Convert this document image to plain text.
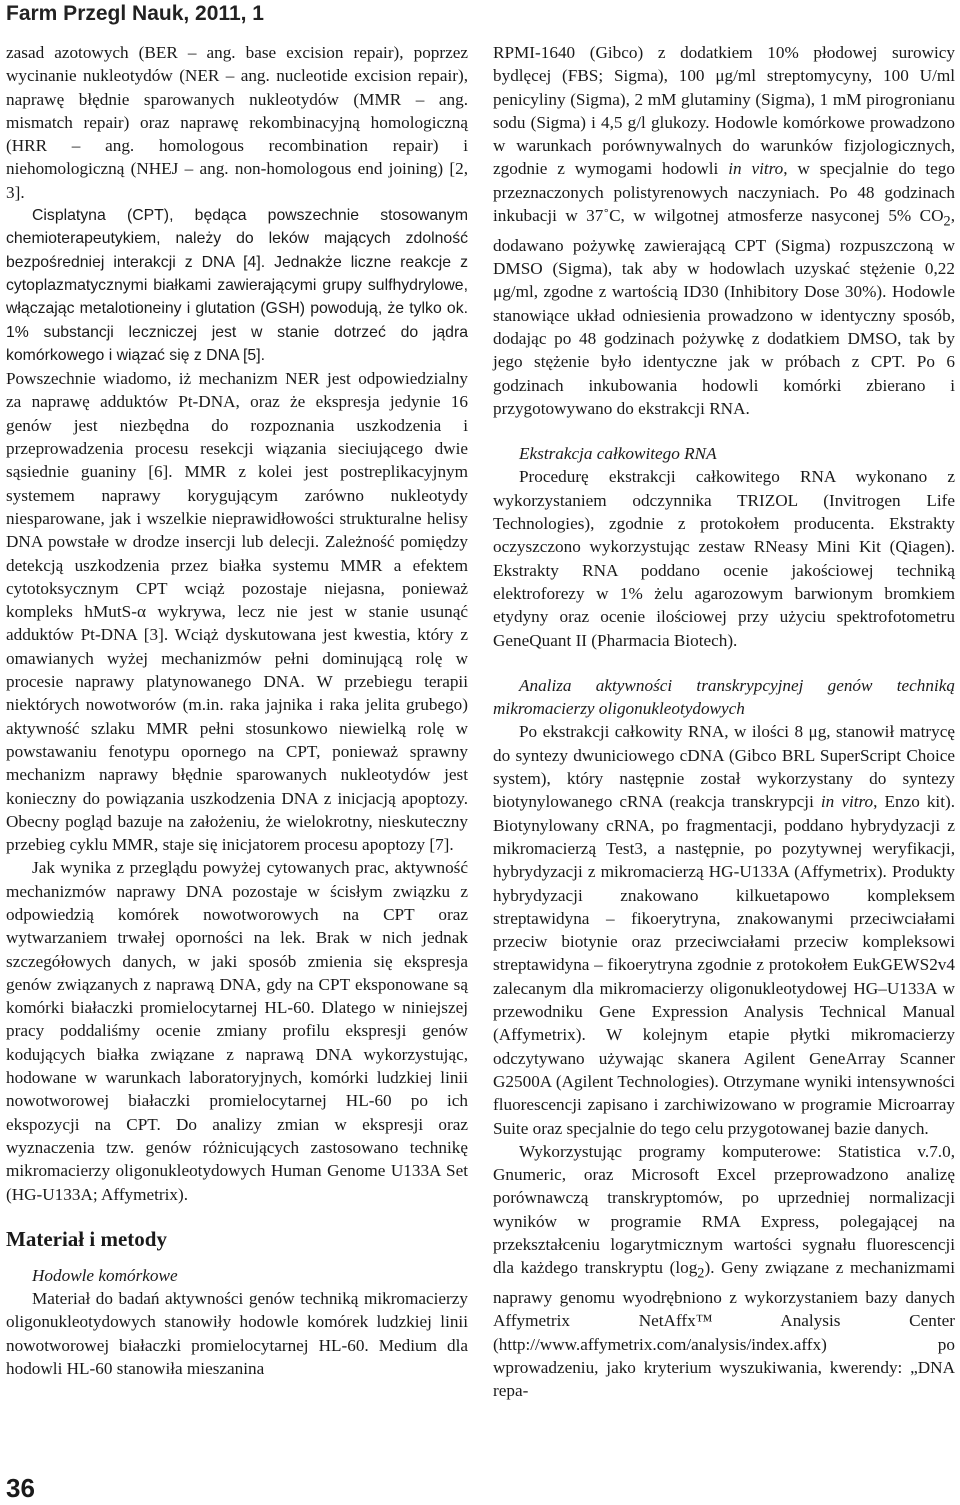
Farm Przegl Nauk, 2011, 1

zasad azotowych (BER – ang. base excision repair), poprzez wycinanie nukleotydów (NER – ang. nucleotide excision repair), naprawę błędnie sparowanych nukleotydów (MMR – ang. mismatch repair) oraz naprawę rekombinacyjną homologiczną (HRR – ang. homologous recombination repair) i niehomologiczną (NHEJ – ang. non-homologous end joining) [2, 3].

Cisplatyna (CPT), będąca powszechnie stosowanym chemioterapeutykiem, należy do leków mających zdolność bezpośredniej interakcji z DNA [4]. Jednakże liczne reakcje z cytoplazmatycznymi białkami zawierającymi grupy sulfhydrylowe, włączając metalotioneiny i glutation (GSH) powodują, że tylko ok. 1% substancji leczniczej jest w stanie dotrzeć do jądra komórkowego i wiązać się z DNA [5].

Powszechnie wiadomo, iż mechanizm NER jest odpowiedzialny za naprawę adduktów Pt-DNA, oraz że ekspresja jedynie 16 genów jest niezbędna do rozpoznania uszkodzenia i przeprowadzenia procesu resekcji wiązania sieciującego dwie sąsiednie guaniny [6]. MMR z kolei jest postreplikacyjnym systemem naprawy korygującym zarówno nukleotydy niesparowane, jak i wszelkie nieprawidłowości strukturalne helisy DNA powstałe w drodze insercji lub delecji. Zależność pomiędzy detekcją uszkodzenia przez białka systemu MMR a efektem cytotoksycznym CPT wciąż pozostaje niejasna, ponieważ kompleks hMutS-α wykrywa, lecz nie jest w stanie usunąć adduktów Pt-DNA [3]. Wciąż dyskutowana jest kwestia, który z omawianych wyżej mechanizmów pełni dominującą rolę w procesie naprawy platynowanego DNA. W przebiegu terapii niektórych nowotworów (m.in. raka jajnika i raka jelita grubego) aktywność szlaku MMR pełni stosunkowo niewielką rolę w powstawaniu fenotypu opornego na CPT, ponieważ sprawny mechanizm naprawy błędnie sparowanych nukleotydów jest konieczny do powiązania uszkodzenia DNA z inicjacją apoptozy. Obecny pogląd bazuje na założeniu, że wielokrotny, nieskuteczny przebieg cyklu MMR, staje się inicjatorem procesu apoptozy [7].

Jak wynika z przeglądu powyżej cytowanych prac, aktywność mechanizmów naprawy DNA pozostaje w ścisłym związku z odpowiedzią komórek nowotworowych na CPT oraz wytwarzaniem trwałej oporności na lek. Brak w nich jednak szczegółowych danych, w jaki sposób zmienia się ekspresja genów związanych z naprawą DNA, gdy na CPT eksponowane są komórki białaczki promielocytarnej HL-60. Dlatego w niniejszej pracy poddaliśmy ocenie zmiany profilu ekspresji genów kodujących białka związane z naprawą DNA wykorzystując, hodowane w warunkach laboratoryjnych, komórki ludzkiej linii nowotworowej białaczki promielocytarnej HL-60 po ich ekspozycji na CPT. Do analizy zmian w ekspresji oraz wyznaczenia tzw. genów różnicujących zastosowano technikę mikromacierzy oligonukleotydowych Human Genome U133A Set (HG-U133A; Affymetrix).

Materiał i metody

Hodowle komórkowe

Materiał do badań aktywności genów techniką mikromacierzy oligonukleotydowych stanowiły hodowle komórek ludzkiej linii nowotworowej białaczki promielocytarnej HL-60. Medium dla hodowli HL-60 stanowiła mieszanina

RPMI-1640 (Gibco) z dodatkiem 10% płodowej surowicy bydlęcej (FBS; Sigma), 100 μg/ml streptomycyny, 100 U/ml penicyliny (Sigma), 2 mM glutaminy (Sigma), 1 mM pirogronianu sodu (Sigma) i 4,5 g/l glukozy. Hodowle komórkowe prowadzono w warunkach porównywalnych do warunków fizjologicznych, zgodnie z wymogami hodowli in vitro, w specjalnie do tego przeznaczonych polistyrenowych naczyniach. Po 48 godzinach inkubacji w 37˚C, w wilgotnej atmosferze nasyconej 5% $CO_2$, dodawano pożywkę zawierającą CPT (Sigma) rozpuszczoną w DMSO (Sigma), tak aby w hodowlach uzyskać stężenie 0,22 μg/ml, zgodne z wartością ID30 (Inhibitory Dose 30%). Hodowle stanowiące układ odniesienia prowadzono w identyczny sposób, dodając po 48 godzinach pożywkę z dodatkiem DMSO, tak by jego stężenie było identyczne jak w próbach z CPT. Po 6 godzinach inkubowania hodowli komórki zbierano i przygotowywano do ekstrakcji RNA.

Ekstrakcja całkowitego RNA

Procedurę ekstrakcji całkowitego RNA wykonano z wykorzystaniem odczynnika TRIZOL (Invitrogen Life Technologies), zgodnie z protokołem producenta. Ekstrakty oczyszczono wykorzystując zestaw RNeasy Mini Kit (Qiagen). Ekstrakty RNA poddano ocenie jakościowej techniką elektroforezy w 1% żelu agarozowym barwionym bromkiem etydyny oraz ocenie ilościowej przy użyciu spektrofotometru GeneQuant II (Pharmacia Biotech).

Analiza aktywności transkrypcyjnej genów techniką mikromacierzy oligonukleotydowych

Po ekstrakcji całkowity RNA, w ilości 8 μg, stanowił matrycę do syntezy dwuniciowego cDNA (Gibco BRL SuperScript Choice system), który następnie został wykorzystany do syntezy biotynylowanego cRNA (reakcja transkrypcji in vitro, Enzo kit). Biotynylowany cRNA, po fragmentacji, poddano hybrydyzacji z mikromacierzą Test3, a następnie, po pozytywnej weryfikacji, hybrydyzacji z mikromacierzą HG-U133A (Affymetrix). Produkty hybrydyzacji znakowano kilkuetapowo kompleksem streptawidyna – fikoerytryna, znakowanymi przeciwciałami przeciw biotynie oraz przeciwciałami przeciw kompleksowi streptawidyna – fikoerytryna zgodnie z protokołem EukGEWS2v4 zalecanym dla mikromacierzy oligonukleotydowej HG–U133A w przewodniku Gene Expression Analysis Technical Manual (Affymetrix). W kolejnym etapie płytki mikromacierzy odczytywano używając skanera Agilent GeneArray Scanner G2500A (Agilent Technologies). Otrzymane wyniki intensywności fluorescencji zapisano i zarchiwizowano w programie Microarray Suite oraz specjalnie do tego celu przygotowanej bazie danych.

Wykorzystując programy komputerowe: Statistica v.7.0, Gnumeric, oraz Microsoft Excel przeprowadzono analizę porównawczą transkryptomów, po uprzedniej normalizacji wyników w programie RMA Express, polegającej na przekształceniu logarytmicznym wartości sygnału fluorescencji dla każdego transkryptu $(\log_2)$. Geny związane z mechanizmami naprawy genomu wyodrębniono z wykorzystaniem bazy danych Affymetrix NetAffx™ Analysis Center (http://www.affymetrix.com/analysis/index.affx) po wprowadzeniu, jako kryterium wyszukiwania, kwerendy: „DNA repa-

36
